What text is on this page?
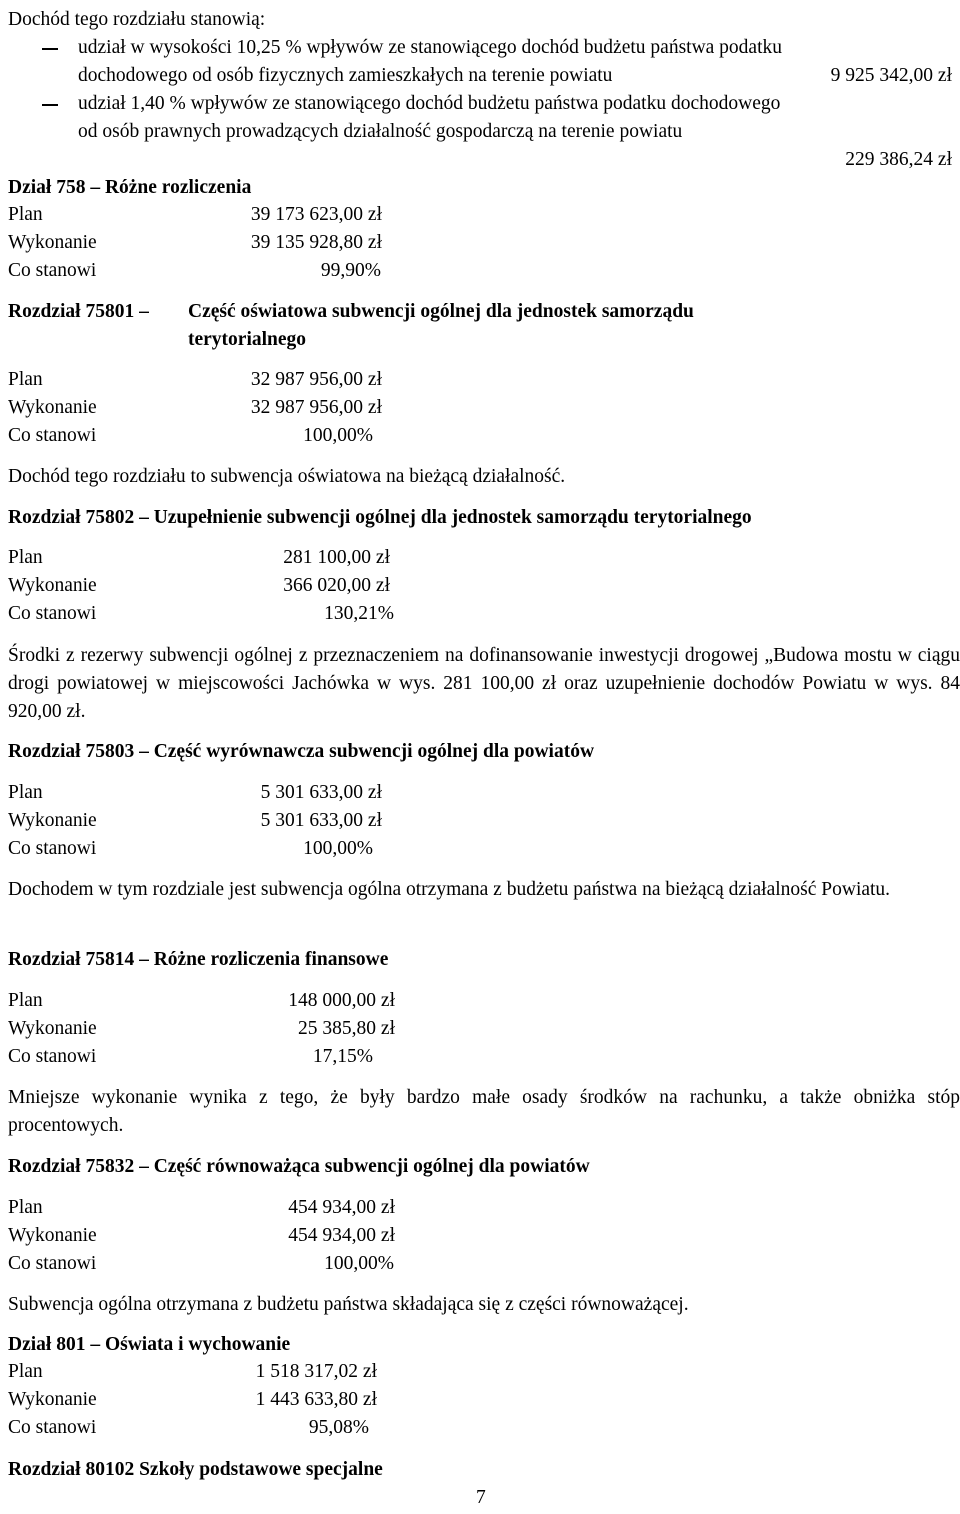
Dochód tego rozdziału stanowią:
udział w wysokości 10,25 % wpływów ze stanowiącego dochód budżetu państwa podatku
dochodowego od osób fizycznych zamieszkałych na terenie powiatu	9 925 342,00 zł
udział 1,40 % wpływów ze stanowiącego dochód budżetu państwa podatku dochodowego
od osób prawnych prowadzących działalność gospodarczą na terenie powiatu
229 386,24 zł
Dział 758 – Różne rozliczenia
Plan	39 173 623,00 zł
Wykonanie	39 135 928,80 zł
Co stanowi	99,90%
Rozdział 75801 – Część oświatowa subwencji ogólnej dla jednostek samorządu
terytorialnego
Plan	32 987 956,00 zł
Wykonanie	32 987 956,00 zł
Co stanowi	100,00%
Dochód tego rozdziału to subwencja oświatowa na bieżącą działalność.
Rozdział 75802 – Uzupełnienie subwencji ogólnej dla jednostek samorządu terytorialnego
Plan	281 100,00 zł
Wykonanie	366 020,00 zł
Co stanowi	130,21%
Środki z rezerwy subwencji ogólnej z przeznaczeniem na dofinansowanie inwestycji drogowej „Budowa mostu w ciągu drogi powiatowej w miejscowości Jachówka w wys. 281 100,00 zł oraz uzupełnienie dochodów Powiatu w wys. 84 920,00 zł.
Rozdział 75803 – Część wyrównawcza subwencji ogólnej dla powiatów
Plan	5 301 633,00 zł
Wykonanie	5 301 633,00 zł
Co stanowi	100,00%
Dochodem w tym rozdziale jest subwencja ogólna otrzymana z budżetu państwa na bieżącą działalność Powiatu.
Rozdział 75814 – Różne rozliczenia finansowe
Plan	148 000,00 zł
Wykonanie	25 385,80 zł
Co stanowi	17,15%
Mniejsze wykonanie wynika z tego, że były bardzo małe osady środków na rachunku, a także obniżka stóp procentowych.
Rozdział 75832 – Część równoważąca subwencji ogólnej dla powiatów
Plan	454 934,00 zł
Wykonanie	454 934,00 zł
Co stanowi	100,00%
Subwencja ogólna otrzymana z budżetu państwa składająca się z części równoważącej.
Dział 801 – Oświata i wychowanie
Plan	1 518 317,02 zł
Wykonanie	1 443 633,80 zł
Co stanowi	95,08%
Rozdział 80102 Szkoły podstawowe specjalne
7
